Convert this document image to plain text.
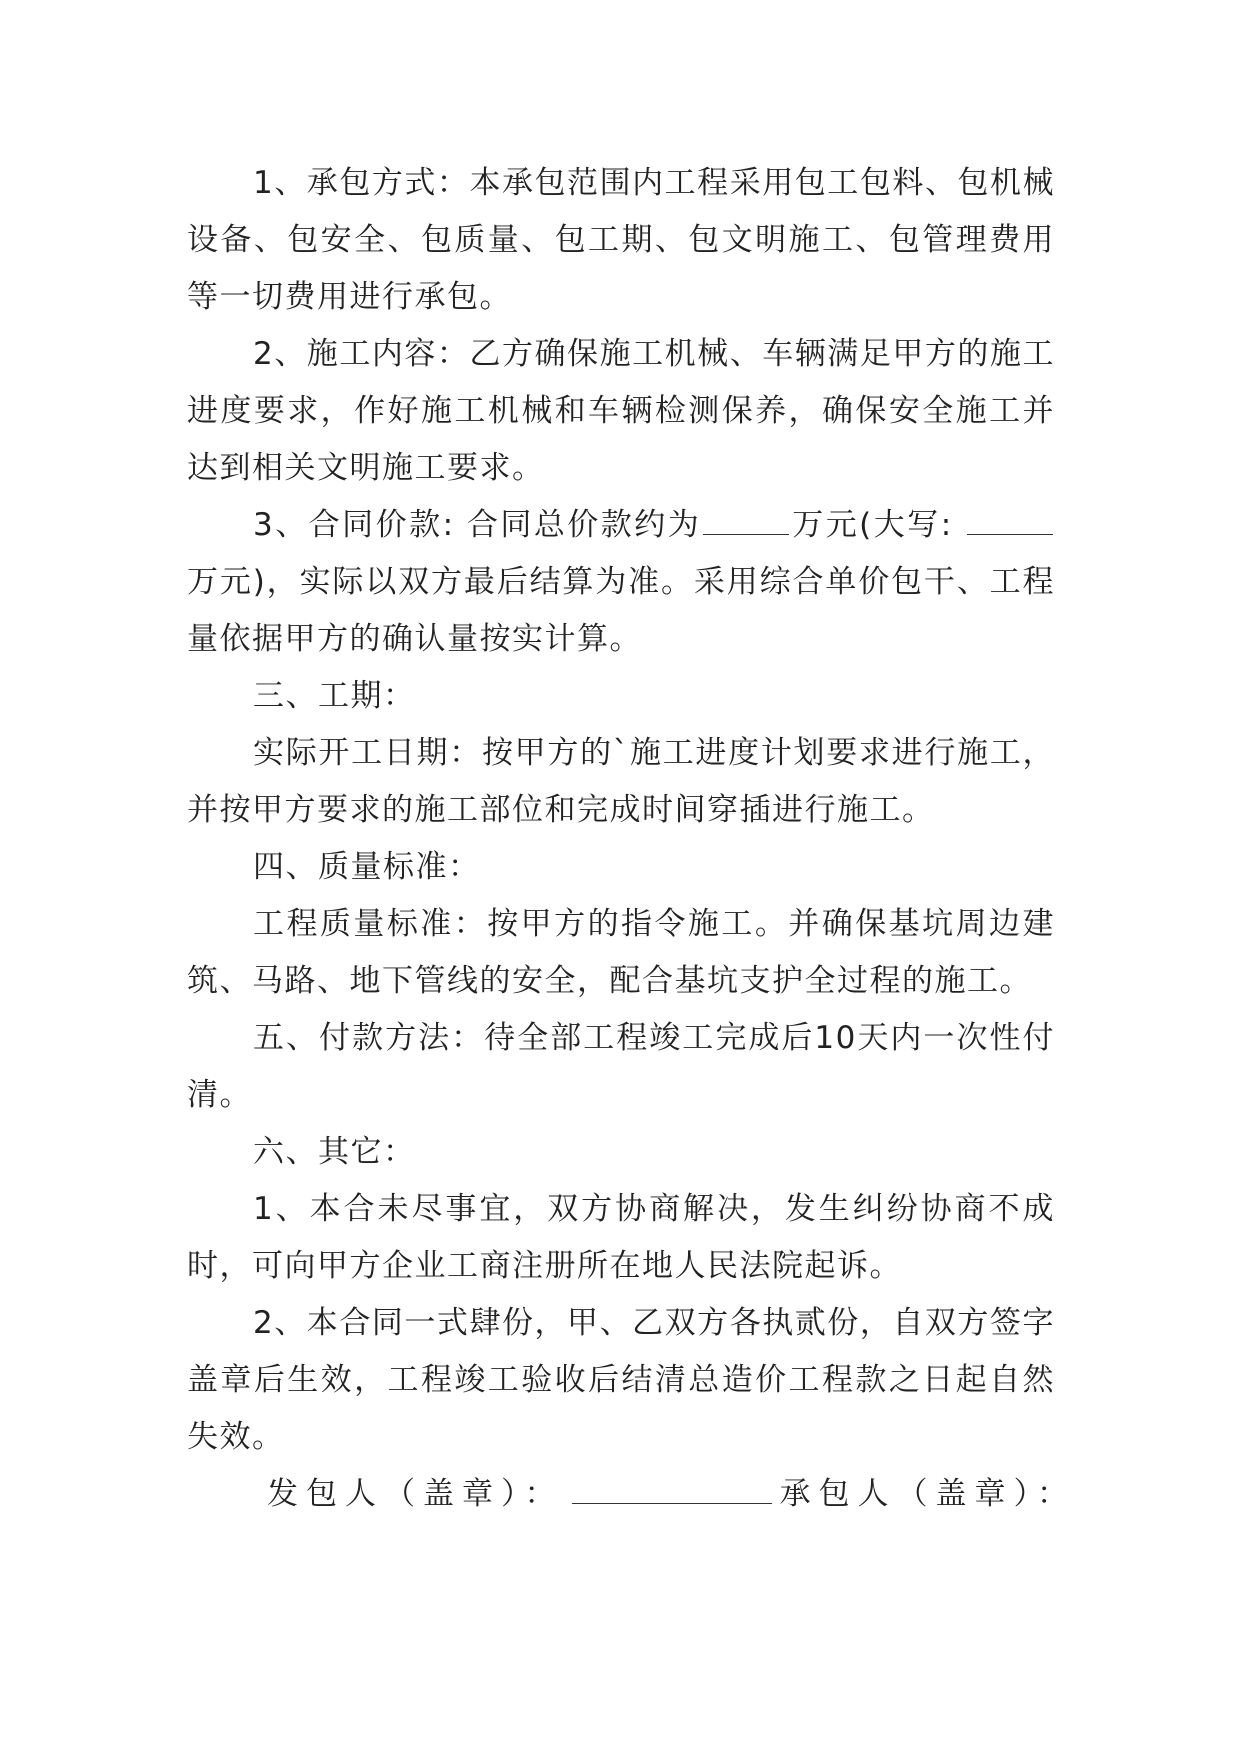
1、承包方式：本承包范围内工程采用包工包料、包机械设备、包安全、包质量、包工期、包文明施工、包管理费用等一切费用进行承包。

2、施工内容：乙方确保施工机械、车辆满足甲方的施工进度要求，作好施工机械和车辆检测保养，确保安全施工并达到相关文明施工要求。

3、合同价款: 合同总价款约为	万元(大写: 万元)，实际以双方最后结算为准。采用综合单价包干、工程量依据甲方的确认量按实计算。

三、工期：

实际开工日期：按甲方的`施工进度计划要求进行施工，并按甲方要求的施工部位和完成时间穿插进行施工。

四、质量标准：

工程质量标准：按甲方的指令施工。并确保基坑周边建筑、马路、地下管线的安全，配合基坑支护全过程的施工。

五、付款方法：待全部工程竣工完成后10天内一次性付清。

六、其它：

1、本合未尽事宜，双方协商解决，发生纠纷协商不成时，可向甲方企业工商注册所在地人民法院起诉。

2、本合同一式肆份，甲、乙双方各执贰份，自双方签字盖章后生效，工程竣工验收后结清总造价工程款之日起自然失效。

发包人（盖章）：	承包人（盖章）：
